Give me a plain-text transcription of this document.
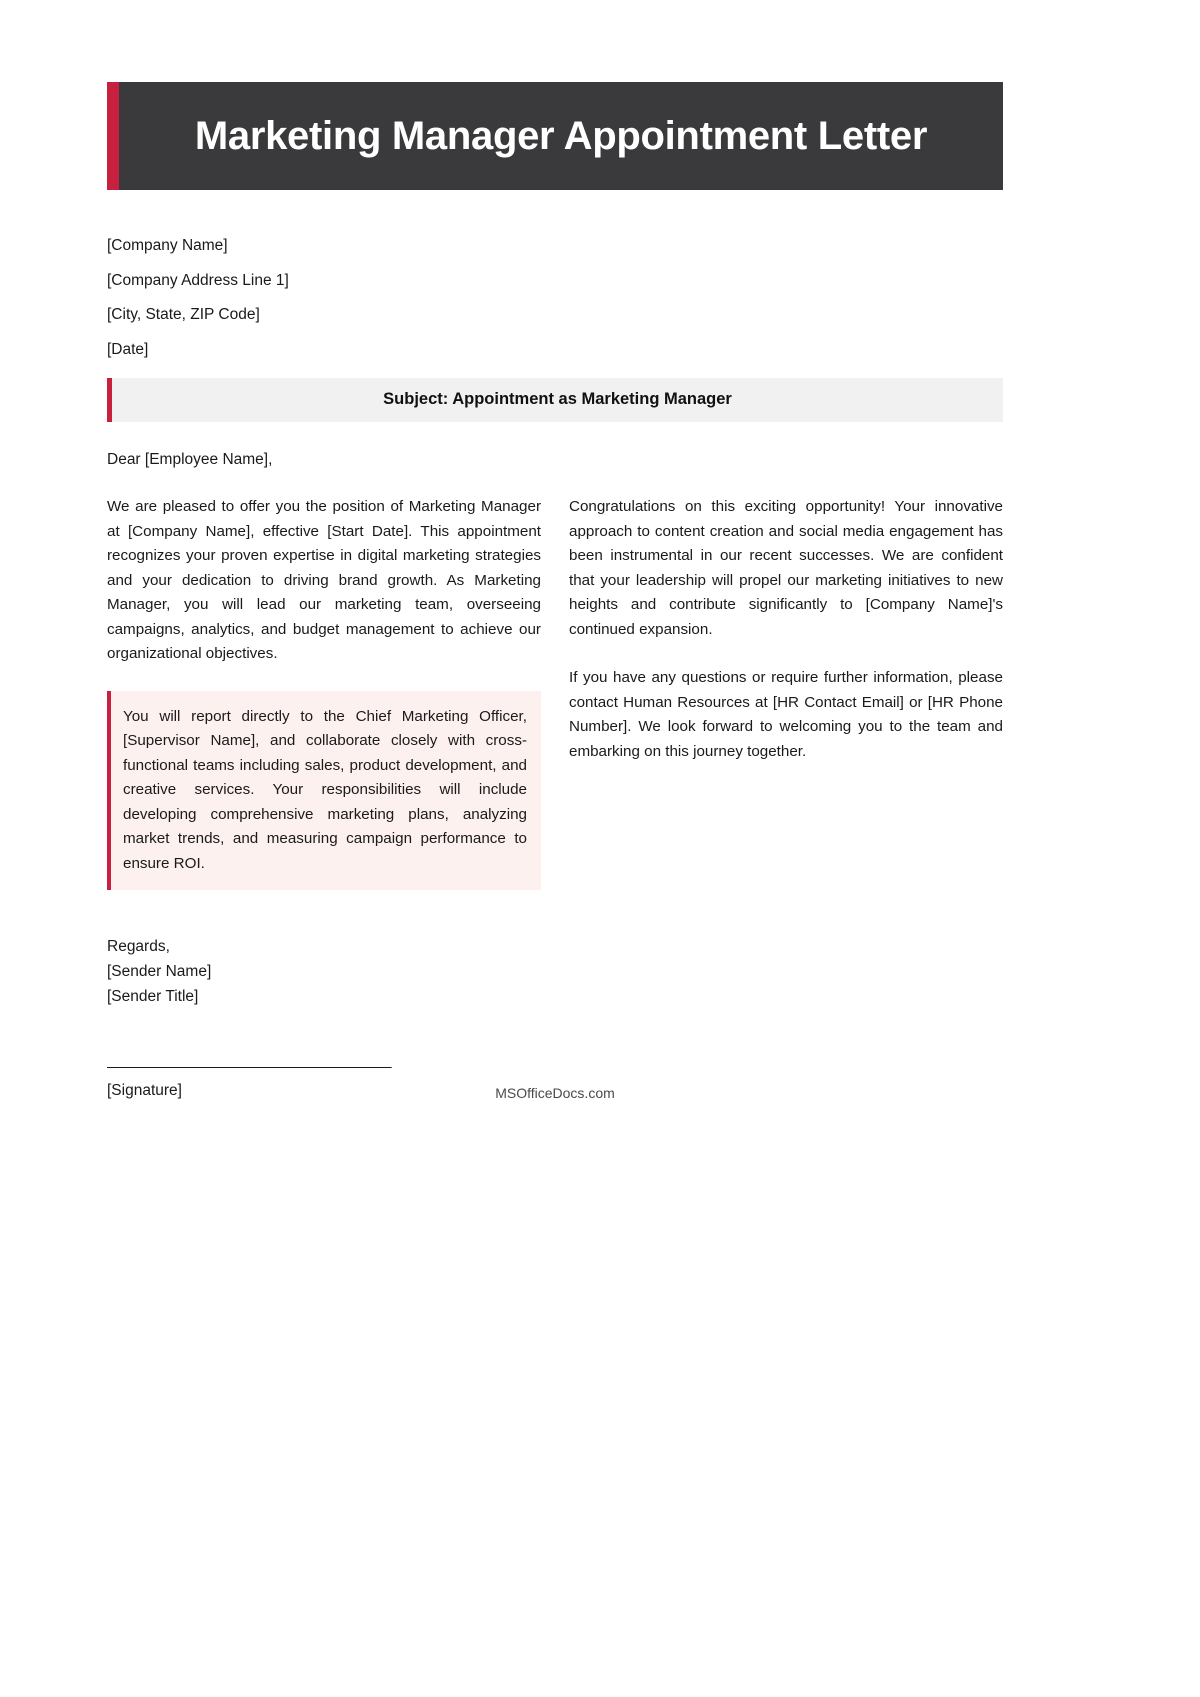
Marketing Manager Appointment Letter
[Company Name]
[Company Address Line 1]
[City, State, ZIP Code]
[Date]
Subject: Appointment as Marketing Manager
Dear [Employee Name],

We are pleased to offer you the position of Marketing Manager at [Company Name], effective [Start Date]. This appointment recognizes your proven expertise in digital marketing strategies and your dedication to driving brand growth. As Marketing Manager, you will lead our marketing team, overseeing campaigns, analytics, and budget management to achieve our organizational objectives.

You will report directly to the Chief Marketing Officer, [Supervisor Name], and collaborate closely with cross-functional teams including sales, product development, and creative services. Your responsibilities will include developing comprehensive marketing plans, analyzing market trends, and measuring campaign performance to ensure ROI.

Congratulations on this exciting opportunity! Your innovative approach to content creation and social media engagement has been instrumental in our recent successes. We are confident that your leadership will propel our marketing initiatives to new heights and contribute significantly to [Company Name]'s continued expansion.

If you have any questions or require further information, please contact Human Resources at [HR Contact Email] or [HR Phone Number]. We look forward to welcoming you to the team and embarking on this journey together.

Regards,
[Sender Name]
[Sender Title]
_________________________________
[Signature]	MSOfficeDocs.com
